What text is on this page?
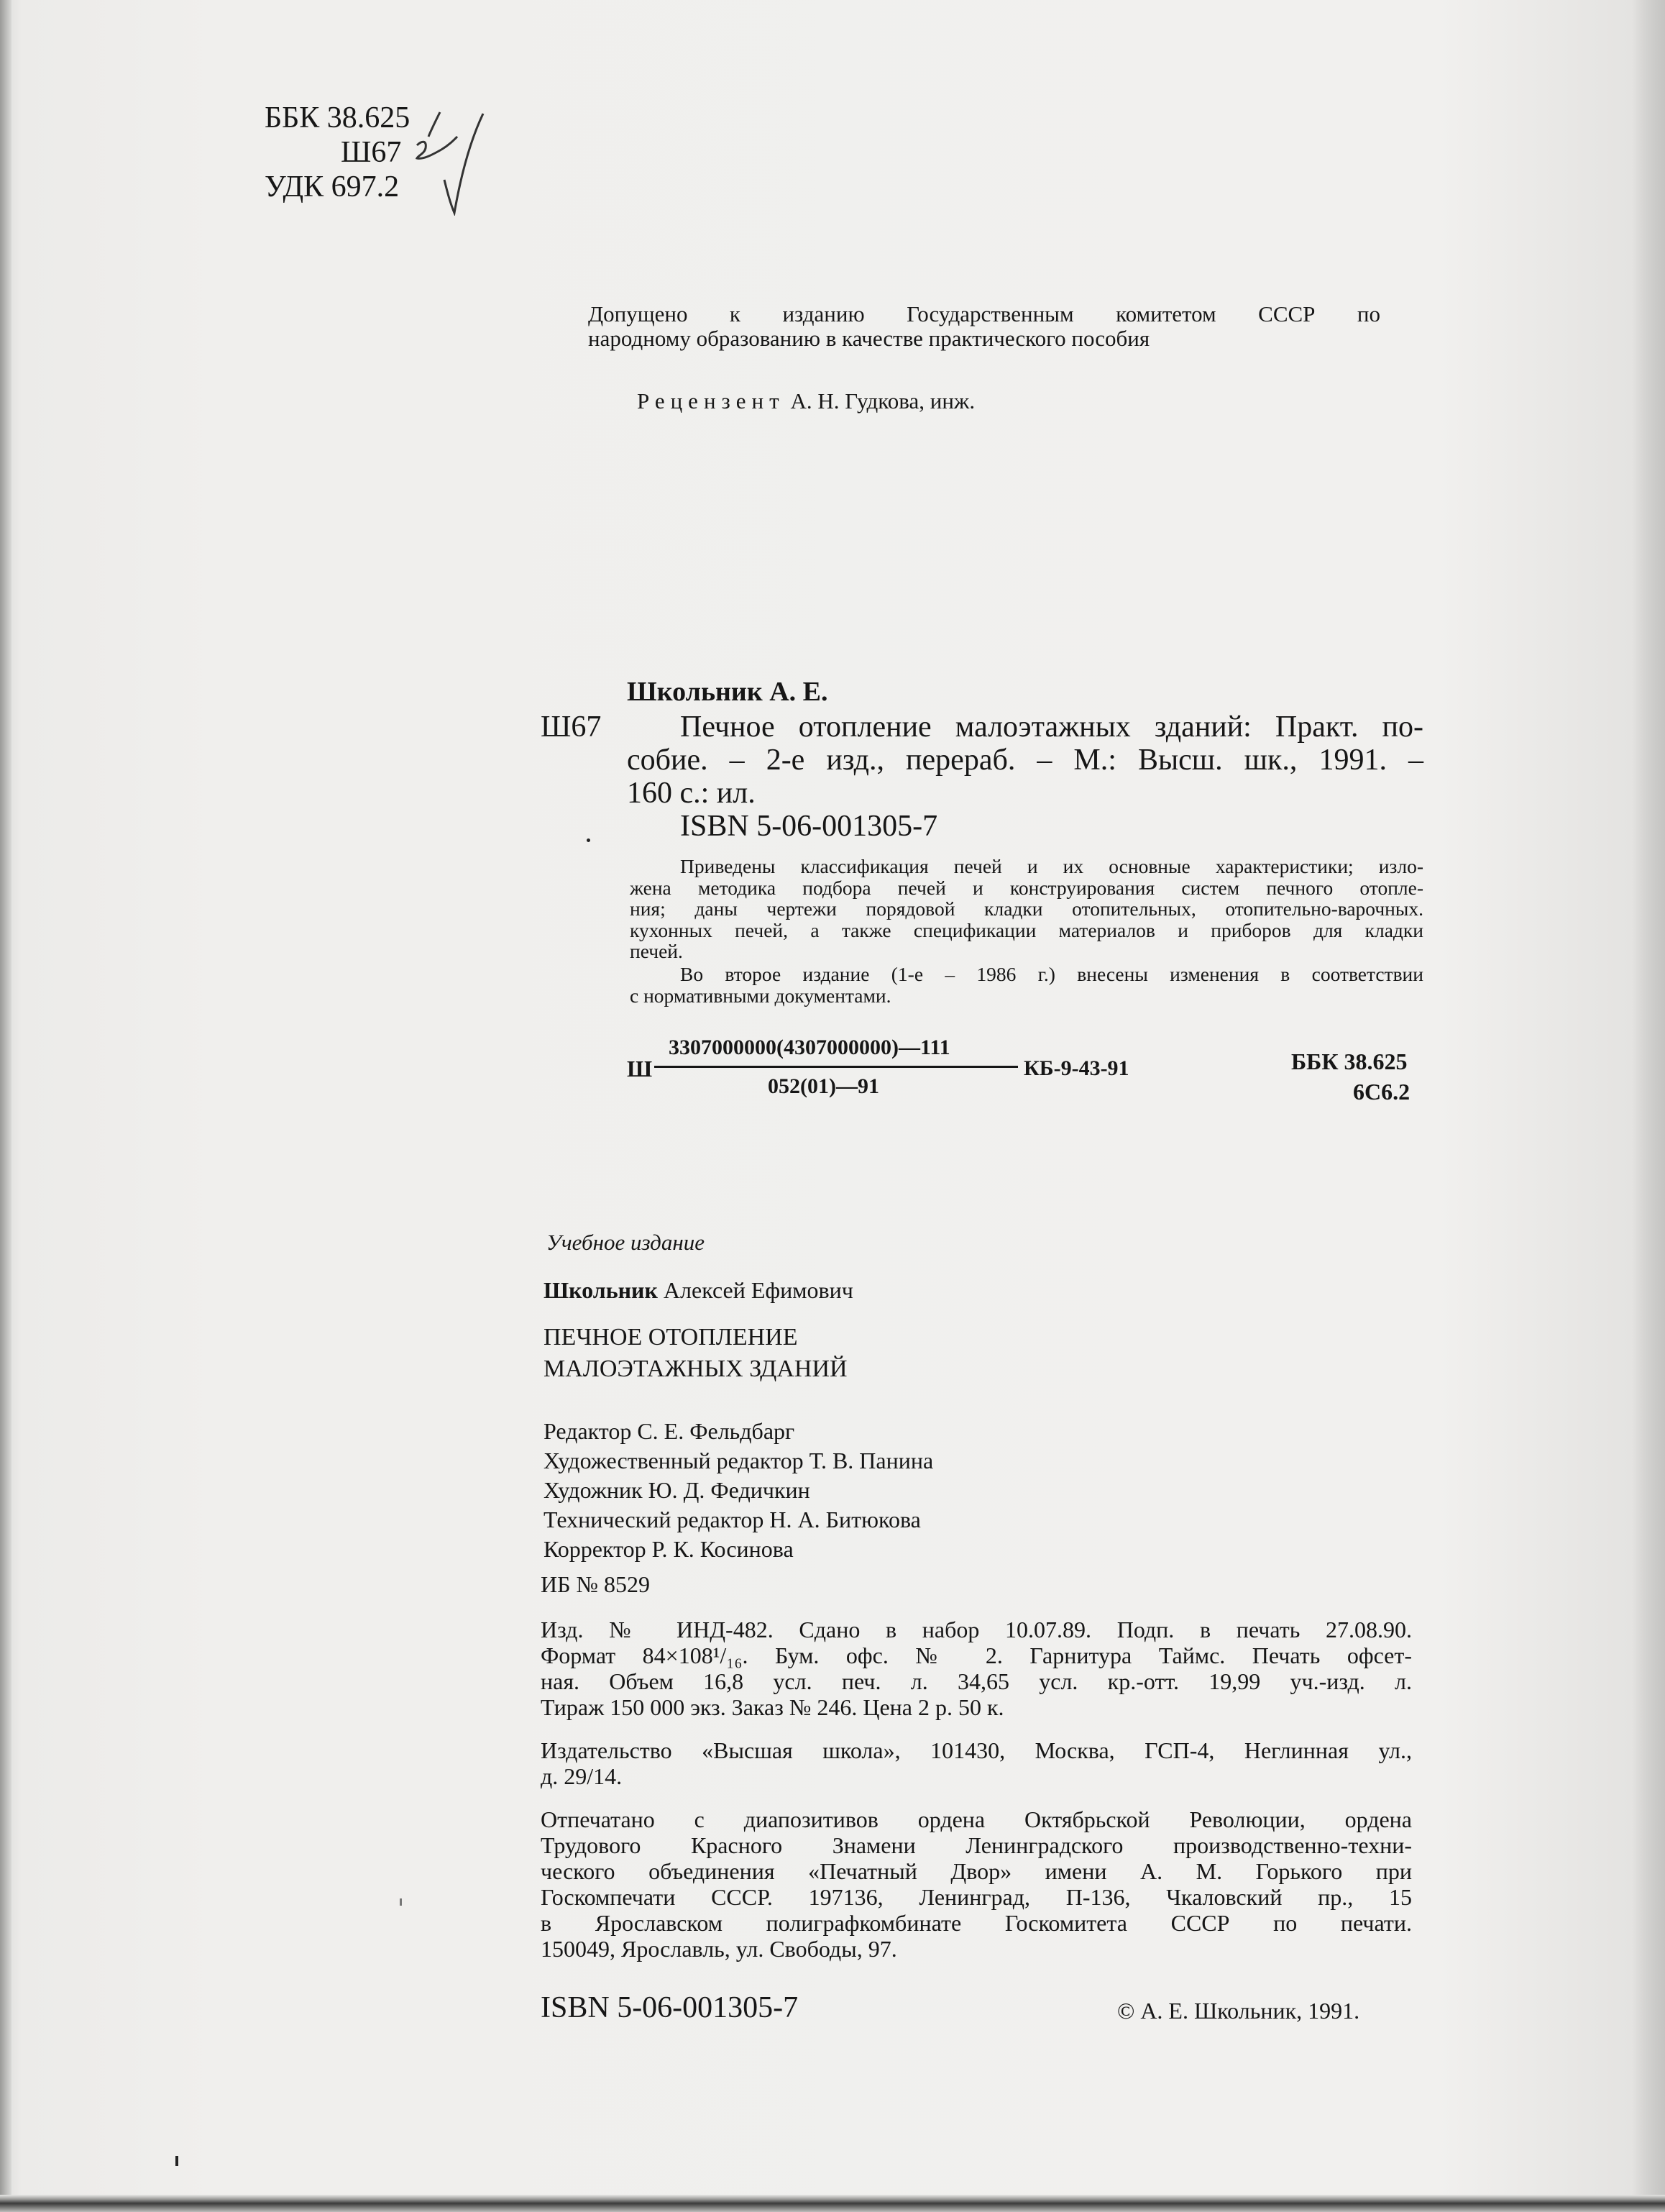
ББК 38.625
Ш67
УДК 697.2
Допущено к изданию Государственным комитетом СССР по
народному образованию в качестве практического пособия
Рецензент А. Н. Гудкова, инж.
Школьник А. Е.
Ш67	Печное отопление малоэтажных зданий: Практ. по-
собие. – 2-е изд., перераб. – М.: Высш. шк., 1991. –
160 с.: ил.
ISBN 5-06-001305-7
Приведены классификация печей и их основные характеристики; изло-
жена методика подбора печей и конструирования систем печного отопле-
ния; даны чертежи порядовой кладки отопительных, отопительно-варочных.
кухонных печей, а также спецификации материалов и приборов для кладки
печей.
Во второе издание (1-е – 1986 г.) внесены изменения в соответствии
с нормативными документами.
Ш
3307000000(4307000000)—111
052(01)—91
КБ-9-43-91	ББК 38.625
6С6.2
Учебное издание
Школьник Алексей Ефимович
ПЕЧНОЕ ОТОПЛЕНИЕ
МАЛОЭТАЖНЫХ ЗДАНИЙ
Редактор С. Е. Фельдбарг
Художественный редактор Т. В. Панина
Художник Ю. Д. Федичкин
Технический редактор Н. А. Битюкова
Корректор Р. К. Косинова
ИБ № 8529
Изд. № ИНД-482. Сдано в набор 10.07.89. Подп. в печать 27.08.90.
Формат 84×108¹/₁₆. Бум. офс. № 2. Гарнитура Таймс. Печать офсет-
ная. Объем 16,8 усл. печ. л. 34,65 усл. кр.-отт. 19,99 уч.-изд. л.
Тираж 150 000 экз. Заказ № 246. Цена 2 р. 50 к.
Издательство «Высшая школа», 101430, Москва, ГСП-4, Неглинная ул.,
д. 29/14.
Отпечатано с диапозитивов ордена Октябрьской Революции, ордена
Трудового Красного Знамени Ленинградского производственно-техни-
ческого объединения «Печатный Двор» имени А. М. Горького при
Госкомпечати СССР. 197136, Ленинград, П-136, Чкаловский пр., 15
в Ярославском полиграфкомбинате Госкомитета СССР по печати.
150049, Ярославль, ул. Свободы, 97.
ISBN 5-06-001305-7	© А. Е. Школьник, 1991.
